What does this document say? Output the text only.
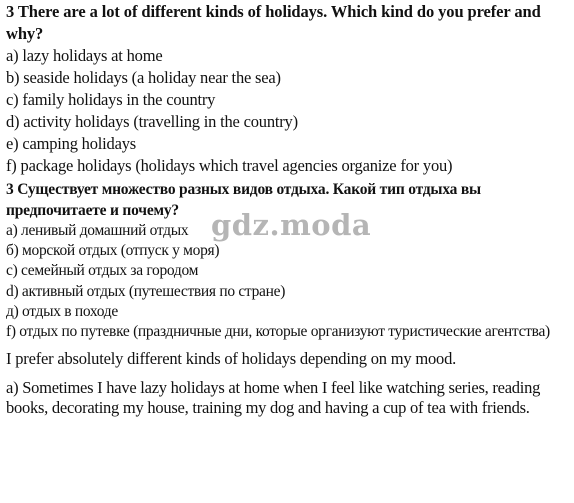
3 There are a lot of different kinds of holidays. Which kind do you prefer and why?

a) lazy holidays at home

b) seaside holidays (a holiday near the sea)

c) family holidays in the country

d) activity holidays (travelling in the country)

e) camping holidays

f) package holidays (holidays which travel agencies organize for you)

3 Существует множество разных видов отдыха. Какой тип отдыха вы предпочитаете и почему?

а) ленивый домашний отдых

б) морской отдых (отпуск у моря)

с) семейный отдых за городом

d) активный отдых (путешествия по стране)

д) отдых в походе

f) отдых по путевке (праздничные дни, которые организуют туристические агентства)

I prefer absolutely different kinds of holidays depending on my mood.

a) Sometimes I have lazy holidays at home when I feel like watching series, reading books, decorating my house, training my dog and having a cup of tea with friends.

gdz.moda
